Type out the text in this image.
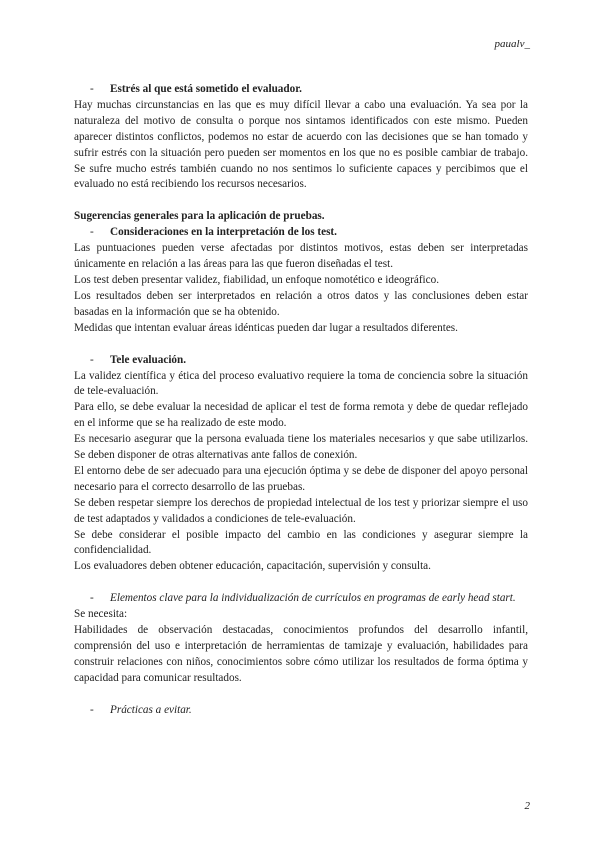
paualv_
-	Estrés al que está sometido el evaluador.

Hay muchas circunstancias en las que es muy difícil llevar a cabo una evaluación. Ya sea por la naturaleza del motivo de consulta o porque nos sintamos identificados con este mismo. Pueden aparecer distintos conflictos, podemos no estar de acuerdo con las decisiones que se han tomado y sufrir estrés con la situación pero pueden ser momentos en los que no es posible cambiar de trabajo. Se sufre mucho estrés también cuando no nos sentimos lo suficiente capaces y percibimos que el evaluado no está recibiendo los recursos necesarios.

Sugerencias generales para la aplicación de pruebas.

-	Consideraciones en la interpretación de los test.

Las puntuaciones pueden verse afectadas por distintos motivos, estas deben ser interpretadas únicamente en relación a las áreas para las que fueron diseñadas el test.

Los test deben presentar validez, fiabilidad, un enfoque nomotético e ideográfico.

Los resultados deben ser interpretados en relación a otros datos y las conclusiones deben estar basadas en la información que se ha obtenido.

Medidas que intentan evaluar áreas idénticas pueden dar lugar a resultados diferentes.

-	Tele evaluación.

La validez científica y ética del proceso evaluativo requiere la toma de conciencia sobre la situación de tele-evaluación.

Para ello, se debe evaluar la necesidad de aplicar el test de forma remota y debe de quedar reflejado en el informe que se ha realizado de este modo.

Es necesario asegurar que la persona evaluada tiene los materiales necesarios y que sabe utilizarlos. Se deben disponer de otras alternativas ante fallos de conexión.

El entorno debe de ser adecuado para una ejecución óptima y se debe de disponer del apoyo personal necesario para el correcto desarrollo de las pruebas.

Se deben respetar siempre los derechos de propiedad intelectual de los test y priorizar siempre el uso de test adaptados y validados a condiciones de tele-evaluación.

Se debe considerar el posible impacto del cambio en las condiciones y asegurar siempre la confidencialidad.

Los evaluadores deben obtener educación, capacitación, supervisión y consulta.

-	Elementos clave para la individualización de currículos en programas de early head start.

Se necesita:

Habilidades de observación destacadas, conocimientos profundos del desarrollo infantil, comprensión del uso e interpretación de herramientas de tamizaje y evaluación, habilidades para construir relaciones con niños, conocimientos sobre cómo utilizar los resultados de forma óptima y capacidad para comunicar resultados.

-	Prácticas a evitar.
2
